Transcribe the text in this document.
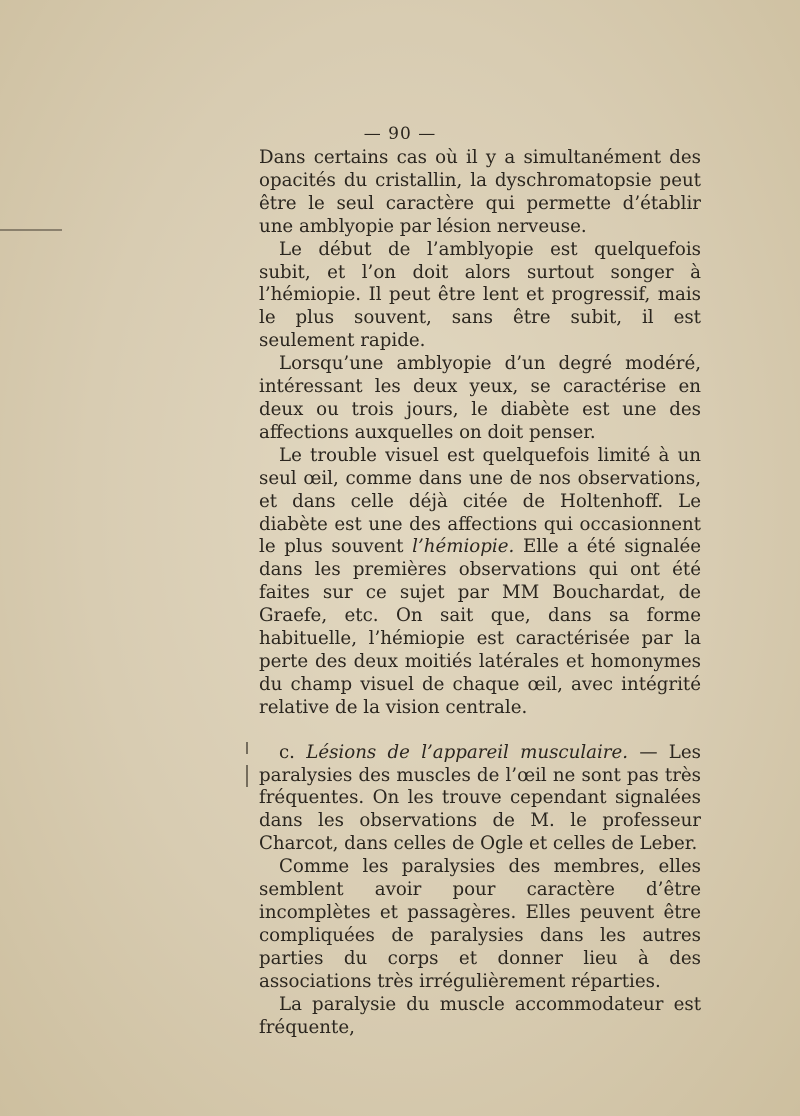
— 90 —

Dans certains cas où il y a simultanément des opacités du cristallin, la dyschromatopsie peut être le seul caractère qui permette d’établir une amblyopie par lésion nerveuse.

Le début de l’amblyopie est quelquefois subit, et l’on doit alors surtout songer à l’hémiopie. Il peut être lent et progressif, mais le plus souvent, sans être subit, il est seulement rapide.

Lorsqu’une amblyopie d’un degré modéré, intéressant les deux yeux, se caractérise en deux ou trois jours, le diabète est une des affections auxquelles on doit penser.

Le trouble visuel est quelquefois limité à un seul œil, comme dans une de nos observations, et dans celle déjà citée de Holtenhoff. Le diabète est une des affections qui occasionnent le plus souvent l’hémiopie. Elle a été signalée dans les premières observations qui ont été faites sur ce sujet par MM Bouchardat, de Graefe, etc. On sait que, dans sa forme habituelle, l’hémiopie est caractérisée par la perte des deux moitiés latérales et homonymes du champ visuel de chaque œil, avec intégrité relative de la vision centrale.

c. Lésions de l’appareil musculaire. — Les paralysies des muscles de l’œil ne sont pas très fréquentes. On les trouve cependant signalées dans les observations de M. le professeur Charcot, dans celles de Ogle et celles de Leber.

Comme les paralysies des membres, elles semblent avoir pour caractère d’être incomplètes et passagères. Elles peuvent être compliquées de paralysies dans les autres parties du corps et donner lieu à des associations très irrégulièrement réparties.

La paralysie du muscle accommodateur est fréquente,
